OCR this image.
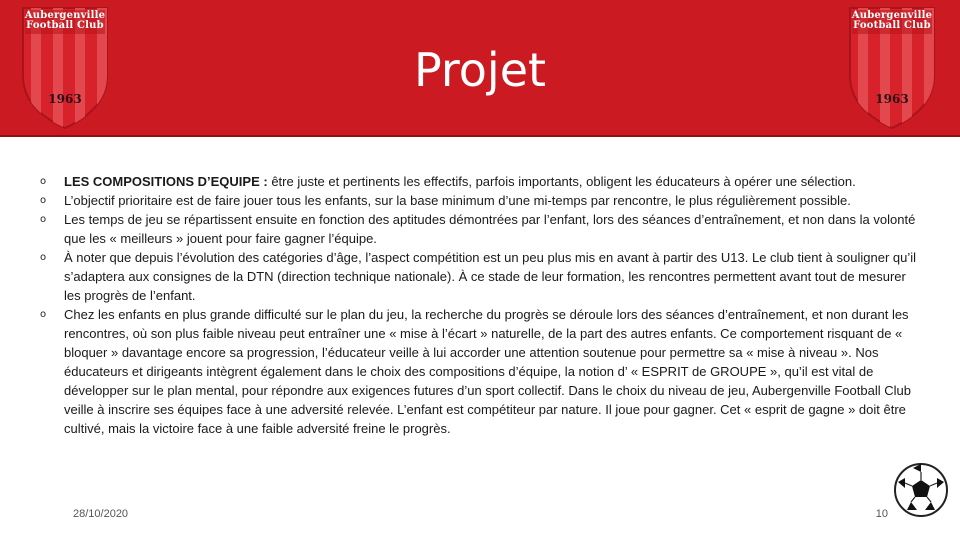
Aubergenville
Football Club
1963
Projet
Aubergenville
Football Club
1963
o LES COMPOSITIONS D’EQUIPE : être juste et pertinents les effectifs, parfois importants, obligent les éducateurs à opérer une sélection.
o L’objectif prioritaire est de faire jouer tous les enfants, sur la base minimum d’une mi-temps par rencontre, le plus régulièrement possible.
o Les temps de jeu se répartissent ensuite en fonction des aptitudes démontrées par l’enfant, lors des séances d’entraînement, et non dans la volonté que les « meilleurs » jouent pour faire gagner l’équipe.
o À noter que depuis l’évolution des catégories d’âge, l’aspect compétition est un peu plus mis en avant à partir des U13. Le club tient à souligner qu’il s’adaptera aux consignes de la DTN (direction technique nationale). À ce stade de leur formation, les rencontres permettent avant tout de mesurer les progrès de l’enfant.
o Chez les enfants en plus grande difficulté sur le plan du jeu, la recherche du progrès se déroule lors des séances d’entraînement, et non durant les rencontres, où son plus faible niveau peut entraîner une « mise à l’écart » naturelle, de la part des autres enfants. Ce comportement risquant de « bloquer » davantage encore sa progression, l’éducateur veille à lui accorder une attention soutenue pour permettre sa « mise à niveau ». Nos éducateurs et dirigeants intègrent également dans le choix des compositions d’équipe, la notion d’ « ESPRIT de GROUPE », qu’il est vital de développer sur le plan mental, pour répondre aux exigences futures d’un sport collectif. Dans le choix du niveau de jeu, Aubergenville Football Club veille à inscrire ses équipes face à une adversité relevée. L’enfant est compétiteur par nature. Il joue pour gagner. Cet « esprit de gagne » doit être cultivé, mais la victoire face à une faible adversité freine le progrès.
28/10/2020	10
